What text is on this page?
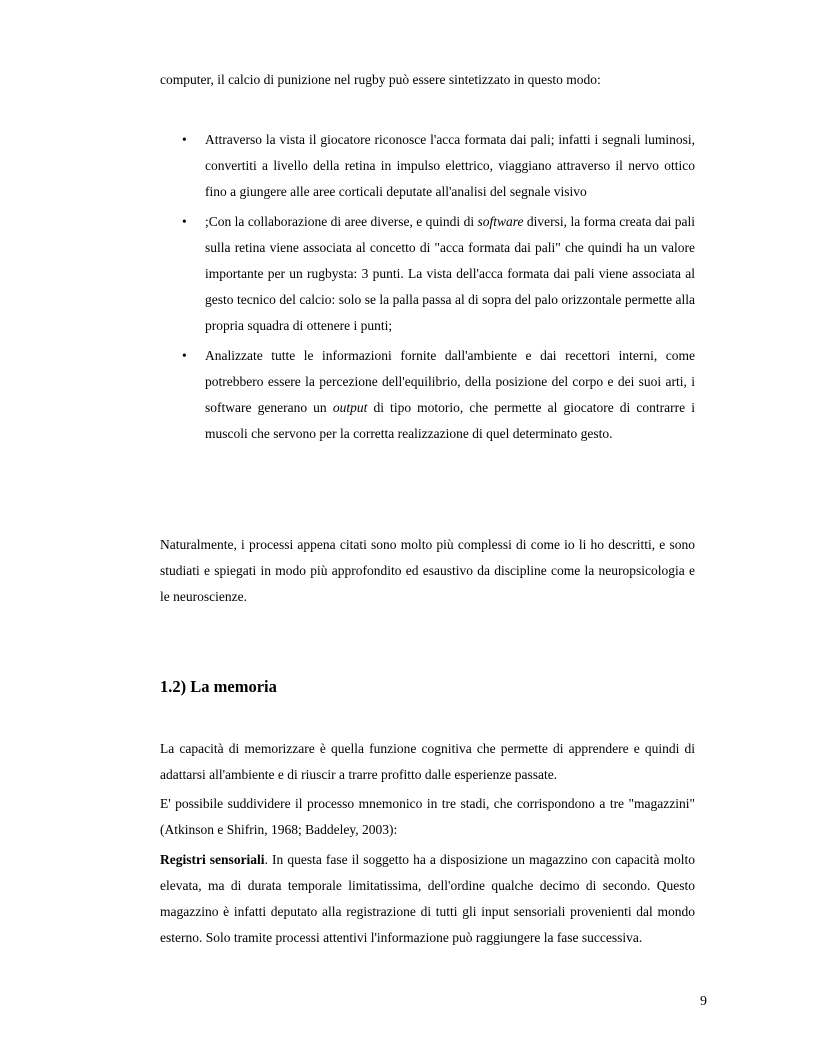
computer, il calcio di punizione nel rugby può essere sintetizzato in questo modo:

• Attraverso la vista il giocatore riconosce l'acca formata dai pali; infatti i segnali luminosi, convertiti a livello della retina in impulso elettrico, viaggiano attraverso il nervo ottico fino a giungere alle aree corticali deputate all'analisi del segnale visivo
• ;Con la collaborazione di aree diverse, e quindi di software diversi, la forma creata dai pali sulla retina viene associata al concetto di "acca formata dai pali" che quindi ha un valore importante per un rugbysta: 3 punti. La vista dell'acca formata dai pali viene associata al gesto tecnico del calcio: solo se la palla passa al di sopra del palo orizzontale permette alla propria squadra di ottenere i punti;
• Analizzate tutte le informazioni fornite dall'ambiente e dai recettori interni, come potrebbero essere la percezione dell'equilibrio, della posizione del corpo e dei suoi arti, i software generano un output di tipo motorio, che permette al giocatore di contrarre i muscoli che servono per la corretta realizzazione di quel determinato gesto.

Naturalmente, i processi appena citati sono molto più complessi di come io li ho descritti, e sono studiati e spiegati in modo più approfondito ed esaustivo da discipline come la neuropsicologia e le neuroscienze.

1.2) La memoria

La capacità di memorizzare è quella funzione cognitiva che permette di apprendere e quindi di adattarsi all'ambiente e di riuscir a trarre profitto dalle esperienze passate.

E' possibile suddividere il processo mnemonico in tre stadi, che corrispondono a tre "magazzini" (Atkinson e Shifrin, 1968; Baddeley, 2003):

Registri sensoriali. In questa fase il soggetto ha a disposizione un magazzino con capacità molto elevata, ma di durata temporale limitatissima, dell'ordine qualche decimo di secondo. Questo magazzino è infatti deputato alla registrazione di tutti gli input sensoriali provenienti dal mondo esterno. Solo tramite processi attentivi l'informazione può raggiungere la fase successiva.

9
